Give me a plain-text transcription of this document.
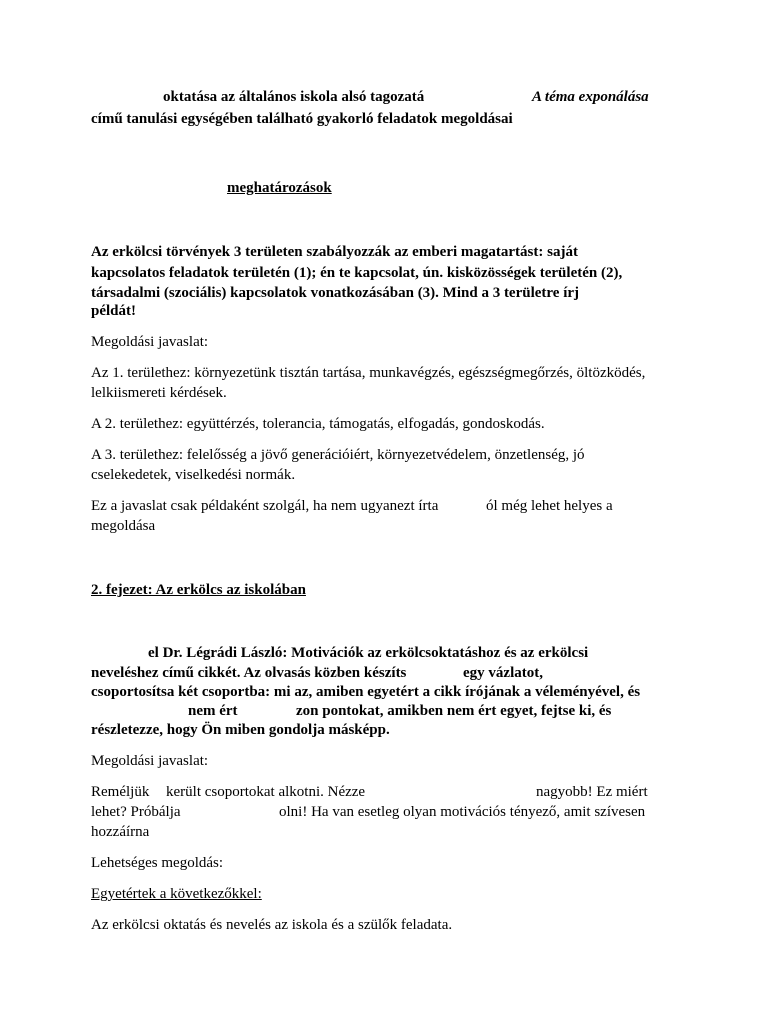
oktatása az általános iskola alsó tagozatá	A téma exponálása
című tanulási egységében található gyakorló feladatok megoldásai
meghatározások
Az erkölcsi törvények 3 területen szabályozzák az emberi magatartást: saját
kapcsolatos feladatok területén (1); én te kapcsolat, ún. kisközösségek területén (2),
társadalmi (szociális) kapcsolatok vonatkozásában (3). Mind a 3 területre írj
példát!
Megoldási javaslat:
Az 1. területhez: környezetünk tisztán tartása, munkavégzés, egészségmegőrzés, öltözködés,
lelkiismereti kérdések.
A 2. területhez: együttérzés, tolerancia, támogatás, elfogadás, gondoskodás.
A 3. területhez: felelősség a jövő generációiért, környezetvédelem, önzetlenség, jó
cselekedetek, viselkedési normák.
Ez a javaslat csak példaként szolgál, ha nem ugyanezt írta	ól még lehet helyes a
megoldása
2. fejezet: Az erkölcs az iskolában
el Dr. Légrádi László: Motivációk az erkölcsoktatáshoz és az erkölcsi
neveléshez című cikkét. Az olvasás közben készíts	egy vázlatot,
csoportosítsa két csoportba: mi az, amiben egyetért a cikk írójának a véleményével, és
nem ért	zon pontokat, amikben nem ért egyet, fejtse ki, és
részletezze, hogy Ön miben gondolja másképp.
Megoldási javaslat:
Reméljük került csoportokat alkotni. Nézze	nagyobb! Ez miért
lehet? Próbálja	olni! Ha van esetleg olyan motivációs tényező, amit szívesen
hozzáírna
Lehetséges megoldás:
Egyetértek a következőkkel:
Az erkölcsi oktatás és nevelés az iskola és a szülők feladata.
